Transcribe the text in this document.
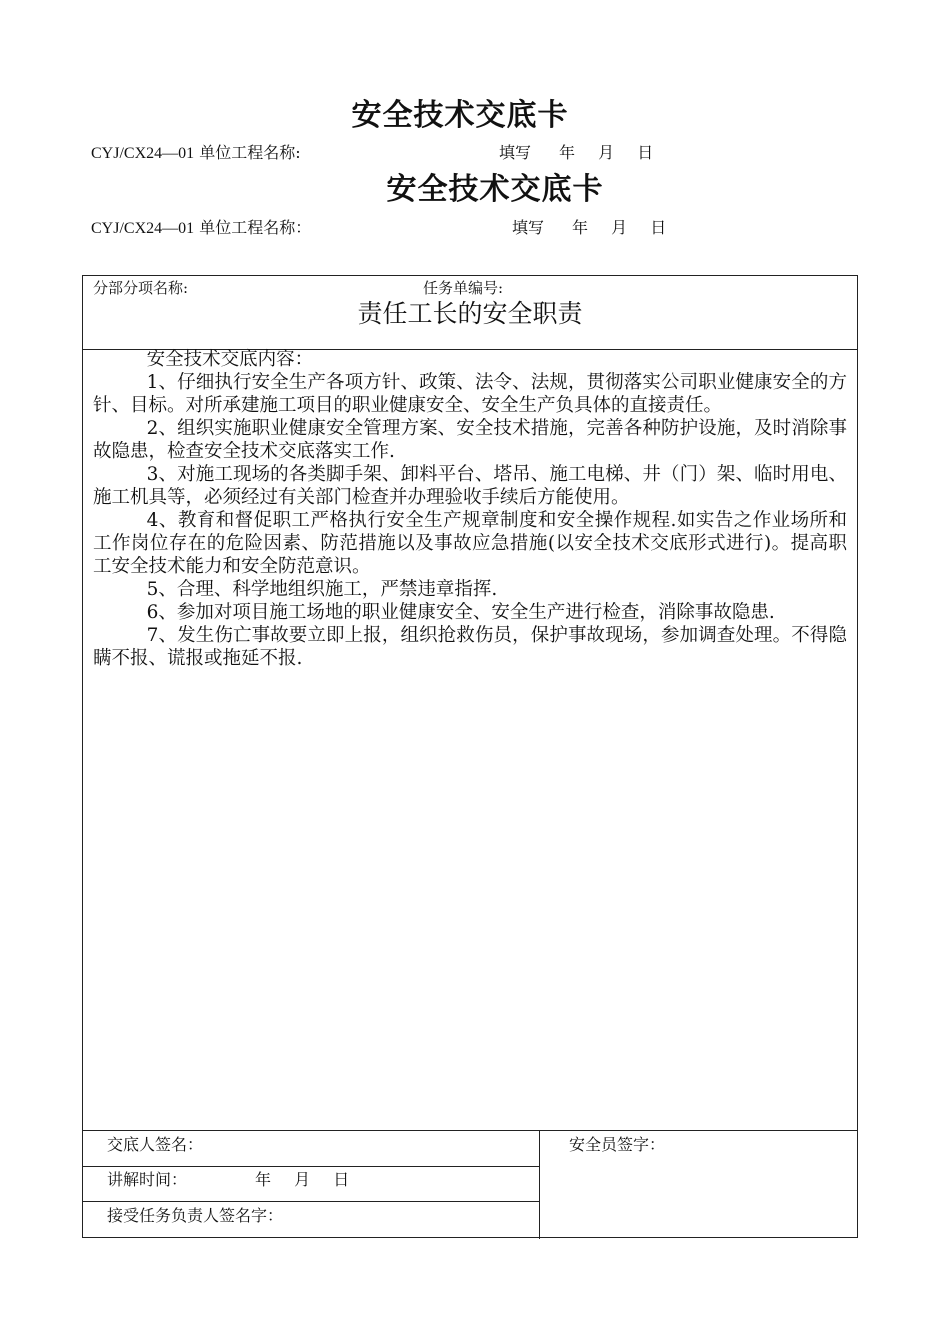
安全技术交底卡
CYJ/CX24—01 单位工程名称:	填写 年 月 日
安全技术交底卡
CYJ/CX24—01 单位工程名称：	填写 年 月 日
分部分项名称:	任务单编号:
责任工长的安全职责

安全技术交底内容：

1、仔细执行安全生产各项方针、政策、法令、法规，贯彻落实公司职业健康安全的方针、目标。对所承建施工项目的职业健康安全、安全生产负具体的直接责任。

2、组织实施职业健康安全管理方案、安全技术措施，完善各种防护设施，及时消除事故隐患，检查安全技术交底落实工作.

3、对施工现场的各类脚手架、卸料平台、塔吊、施工电梯、井（门）架、临时用电、施工机具等，必须经过有关部门检查并办理验收手续后方能使用。

4、教育和督促职工严格执行安全生产规章制度和安全操作规程.如实告之作业场所和工作岗位存在的危险因素、防范措施以及事故应急措施(以安全技术交底形式进行)。提高职工安全技术能力和安全防范意识。

5、合理、科学地组织施工，严禁违章指挥.

6、参加对项目施工场地的职业健康安全、安全生产进行检查，消除事故隐患.

7、发生伤亡事故要立即上报，组织抢救伤员，保护事故现场，参加调查处理。不得隐瞒不报、谎报或拖延不报.

交底人签名：	安全员签字：
讲解时间：	年 月 日
接受任务负责人签名字：
